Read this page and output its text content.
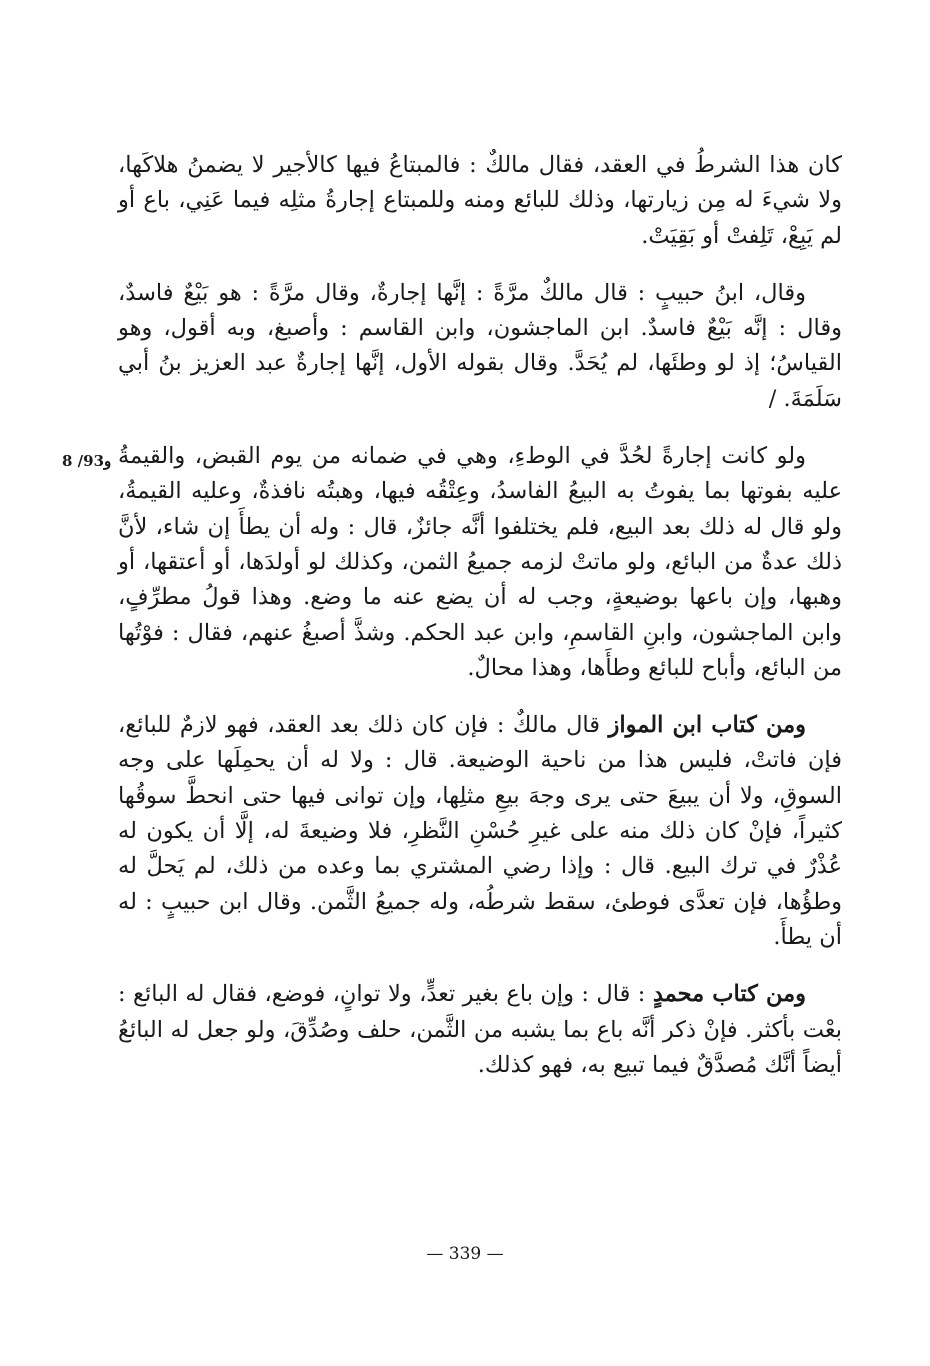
كان هذا الشرطُ في العقد، فقال مالكٌ : فالمبتاعُ فيها كالأجير لا يضمنُ هلاكَها، ولا شيءَ له مِن زيارتها، وذلك للبائع ومنه وللمبتاع إجارةُ مثلِه فيما عَنِي، باع أو لم يَبِعْ، تَلِفتْ أو بَقِيَتْ.

وقال، ابنُ حبيبٍ : قال مالكٌ مرَّةً : إنَّها إجارةٌ، وقال مرَّةً : هو بَيْعٌ فاسدٌ، وقال : إنَّه بَيْعٌ فاسدٌ. ابن الماجشون، وابن القاسم : وأصبغ، وبه أقول، وهو القياسُ؛ إذ لو وطئَها، لم يُحَدَّ. وقال بقوله الأول، إنَّها إجارةٌ عبد العزيز بنُ أبي سَلَمَةَ. /

ولو كانت إجارةً لحُدَّ في الوطءِ، وهي في ضمانه من يوم القبض، والقيمةُ عليه بفوتها بما يفوتُ به البيعُ الفاسدُ، وعِتْقُه فيها، وهبتُه نافذةٌ، وعليه القيمةُ، ولو قال له ذلك بعد البيع، فلم يختلفوا أنَّه جائزٌ، قال : وله أن يطأَ إن شاء، لأنَّ ذلك عدةٌ من البائع، ولو ماتتْ لزمه جميعُ الثمن، وكذلك لو أولدَها، أو أعتقها، أو وهبها، وإن باعها بوضيعةٍ، وجب له أن يضع عنه ما وضع. وهذا قولُ مطرِّفٍ، وابن الماجشون، وابنِ القاسمِ، وابن عبد الحكم. وشذَّ أصبغُ عنهم، فقال : فوْتُها من البائع، وأباح للبائع وطأَها، وهذا محالٌ.

ومن كتاب ابن المواز قال مالكٌ : فإن كان ذلك بعد العقد، فهو لازمٌ للبائع، فإن فاتتْ، فليس هذا من ناحية الوضيعة. قال : ولا له أن يحمِلَها على وجه السوقِ، ولا أن يبيعَ حتى يرى وجهَ بيعِ مثلِها، وإن توانى فيها حتى انحطَّ سوقُها كثيراً، فإنْ كان ذلك منه على غيرِ حُسْنِ النَّظرِ، فلا وضيعةَ له، إلَّا أن يكون له عُذْرٌ في ترك البيع. قال : وإذا رضي المشتري بما وعده من ذلك، لم يَحلَّ له وطؤُها، فإن تعدَّى فوطئ، سقط شرطُه، وله جميعُ الثَّمن. وقال ابن حبيبٍ : له أن يطأَ.

ومن كتاب محمدٍ : قال : وإن باع بغير تعدٍّ، ولا توانٍ، فوضع، فقال له البائع : بعْت بأكثر. فإنْ ذكر أنَّه باع بما يشبه من الثَّمن، حلف وصُدِّقَ، ولو جعل له البائعُ أيضاً أنَّك مُصدَّقٌ فيما تبيع به، فهو كذلك.

8 /93و
— 339 —
